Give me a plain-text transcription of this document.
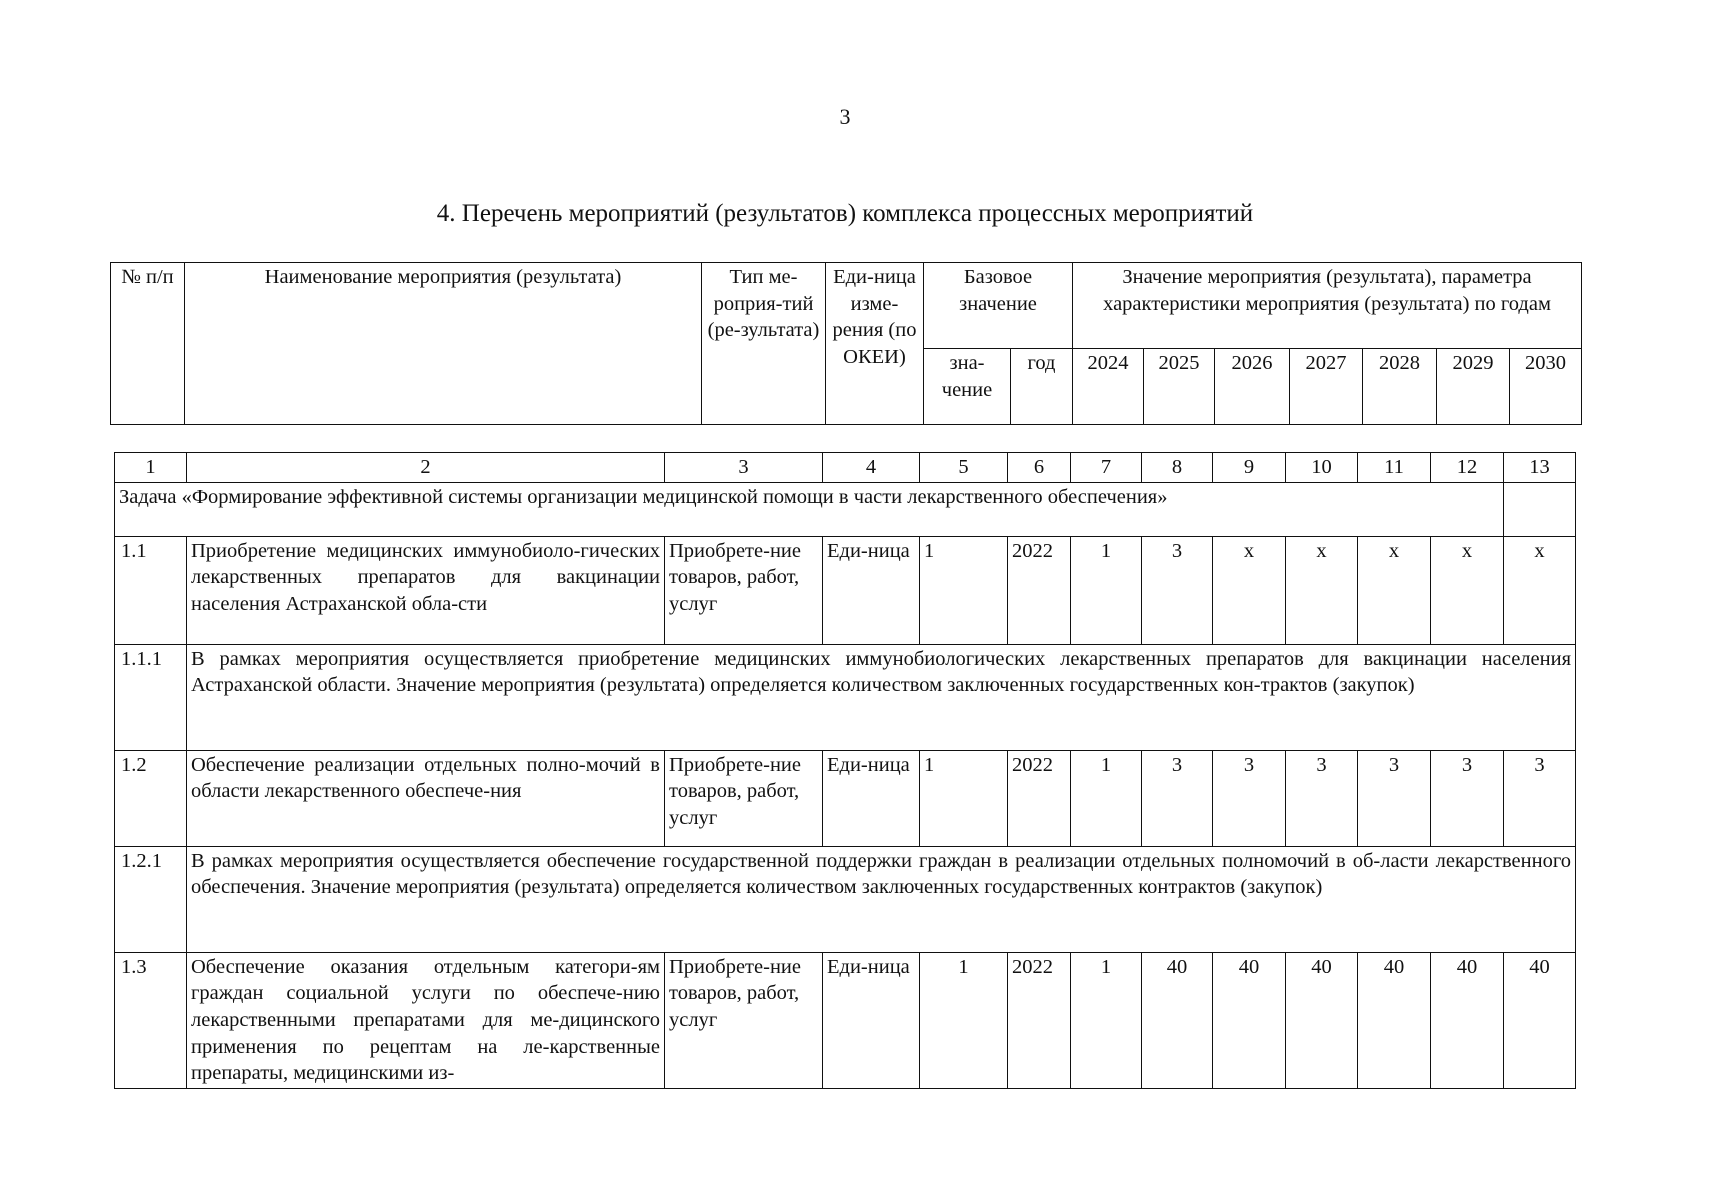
3
4. Перечень мероприятий (результатов) комплекса процессных мероприятий
№ п/п	Наименование мероприятия (результата)	Тип ме-роприя-тий (ре-зультата)	Еди-ница изме-рения (по ОКЕИ)	Базовое значение		Значение мероприятия (результата), параметра характеристики мероприятия (результата) по годам						
				зна-чение	год	2024	2025	2026	2027	2028	2029	2030
1	2	3	4	5	6	7	8	9	10	11	12	13
Задача «Формирование эффективной системы организации медицинской помощи в части лекарственного обеспечения»												
1.1	Приобретение медицинских иммунобиоло-гических лекарственных препаратов для вакцинации населения Астраханской обла-сти	Приобрете-ние товаров, работ, услуг	Еди-ница	1	2022	1	3	x	x	x	x	x
1.1.1	В рамках мероприятия осуществляется приобретение медицинских иммунобиологических лекарственных препаратов для вакцинации населения Астраханской области. Значение мероприятия (результата) определяется количеством заключенных государственных кон-трактов (закупок)											
1.2	Обеспечение реализации отдельных полно-мочий в области лекарственного обеспече-ния	Приобрете-ние товаров, работ, услуг	Еди-ница	1	2022	1	3	3	3	3	3	3
1.2.1	В рамках мероприятия осуществляется обеспечение государственной поддержки граждан в реализации отдельных полномочий в об-ласти лекарственного обеспечения. Значение мероприятия (результата) определяется количеством заключенных государственных контрактов (закупок)											
1.3	Обеспечение оказания отдельным категори-ям граждан социальной услуги по обеспече-нию лекарственными препаратами для ме-дицинского применения по рецептам на ле-карственные препараты, медицинскими из-	Приобрете-ние товаров, работ, услуг	Еди-ница	1	2022	1	40	40	40	40	40	40
